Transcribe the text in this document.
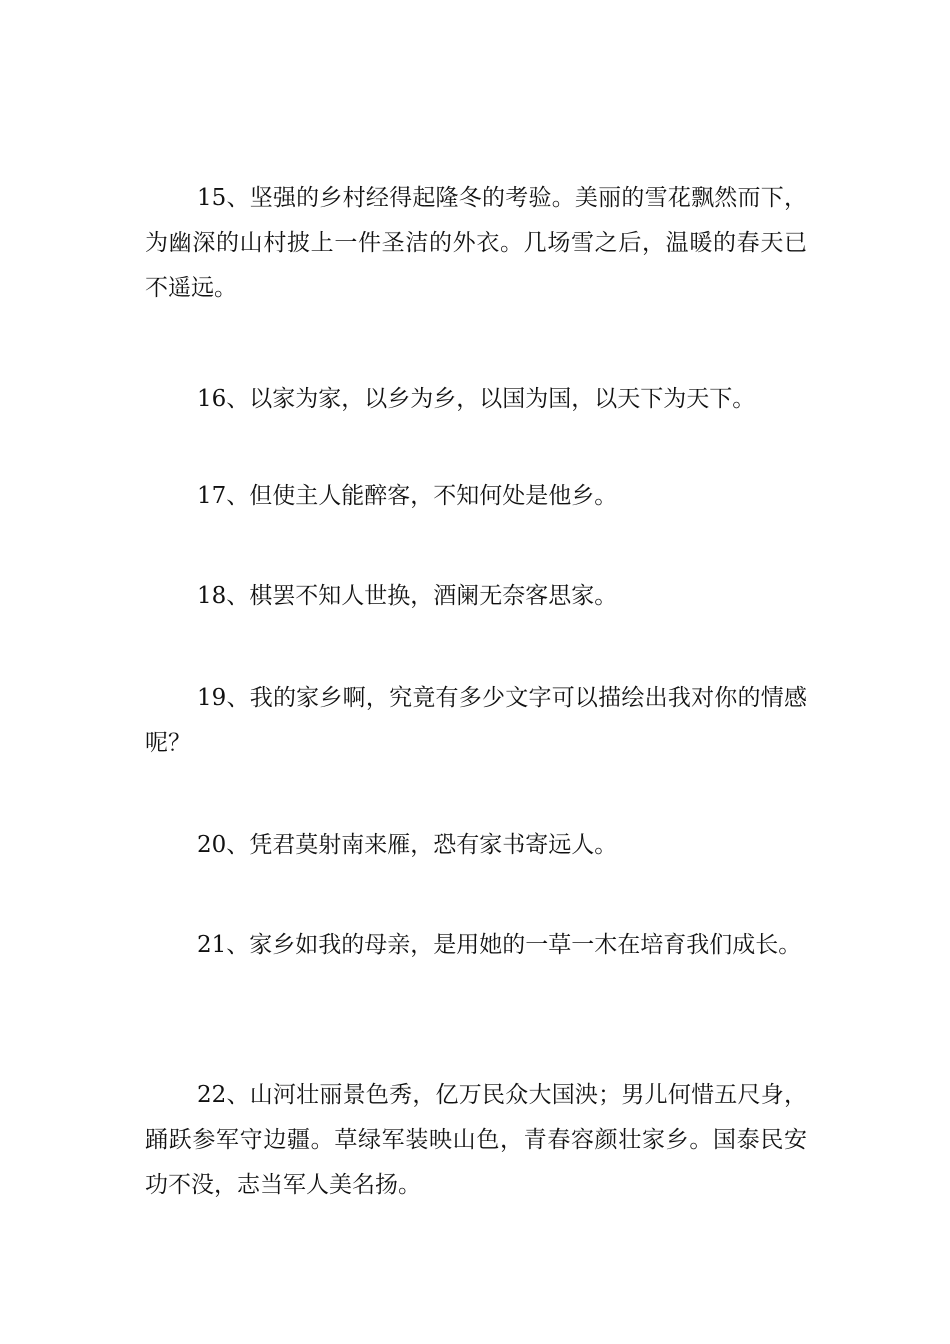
15、坚强的乡村经得起隆冬的考验。美丽的雪花飘然而下，为幽深的山村披上一件圣洁的外衣。几场雪之后，温暖的春天已不遥远。

16、以家为家，以乡为乡，以国为国，以天下为天下。

17、但使主人能醉客，不知何处是他乡。

18、棋罢不知人世换，酒阑无奈客思家。

19、我的家乡啊，究竟有多少文字可以描绘出我对你的情感呢？

20、凭君莫射南来雁，恐有家书寄远人。

21、家乡如我的母亲，是用她的一草一木在培育我们成长。

22、山河壮丽景色秀，亿万民众大国泱；男儿何惜五尺身，踊跃参军守边疆。草绿军装映山色，青春容颜壮家乡。国泰民安功不没，志当军人美名扬。
